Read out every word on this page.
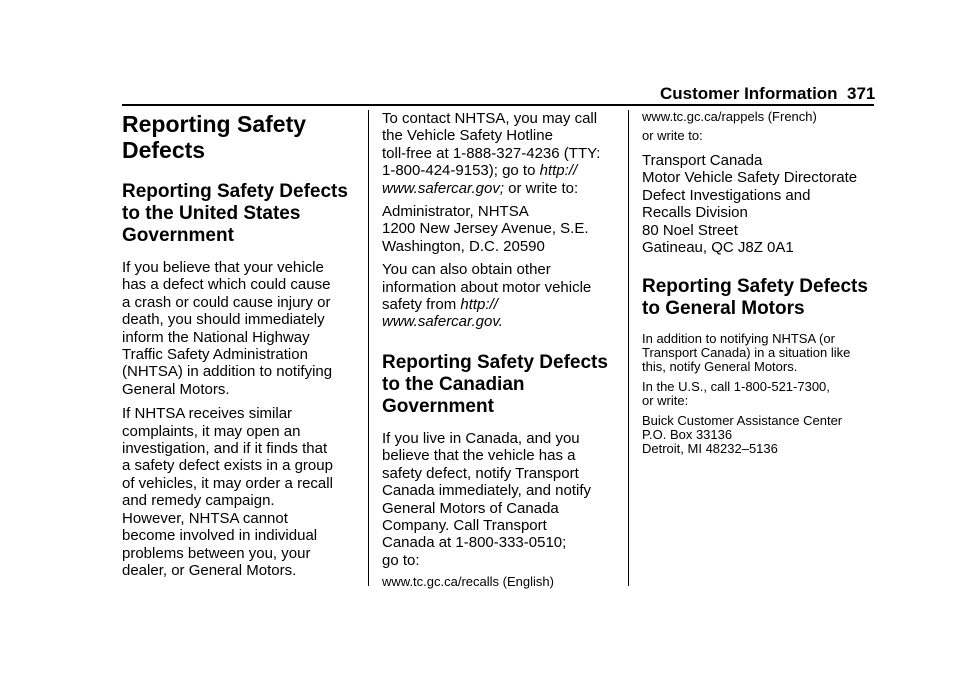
Customer Information 371
Reporting Safety
Defects
Reporting Safety Defects
to the United States
Government

If you believe that your vehicle
has a defect which could cause
a crash or could cause injury or
death, you should immediately
inform the National Highway
Traffic Safety Administration
(NHTSA) in addition to notifying
General Motors.

If NHTSA receives similar
complaints, it may open an
investigation, and if it finds that
a safety defect exists in a group
of vehicles, it may order a recall
and remedy campaign.
However, NHTSA cannot
become involved in individual
problems between you, your
dealer, or General Motors.

To contact NHTSA, you may call
the Vehicle Safety Hotline
toll-free at 1-888-327-4236 (TTY:
1-800-424-9153); go to http://
www.safercar.gov; or write to:

Administrator, NHTSA
1200 New Jersey Avenue, S.E.
Washington, D.C. 20590

You can also obtain other
information about motor vehicle
safety from http://
www.safercar.gov.

Reporting Safety Defects
to the Canadian
Government

If you live in Canada, and you
believe that the vehicle has a
safety defect, notify Transport
Canada immediately, and notify
General Motors of Canada
Company. Call Transport
Canada at 1-800-333-0510;
go to:

www.tc.gc.ca/recalls (English)

www.tc.gc.ca/rappels (French)

or write to:

Transport Canada
Motor Vehicle Safety Directorate
Defect Investigations and
Recalls Division
80 Noel Street
Gatineau, QC J8Z 0A1

Reporting Safety Defects
to General Motors

In addition to notifying NHTSA (or
Transport Canada) in a situation like
this, notify General Motors.

In the U.S., call 1-800-521-7300,
or write:

Buick Customer Assistance Center
P.O. Box 33136
Detroit, MI 48232–5136
